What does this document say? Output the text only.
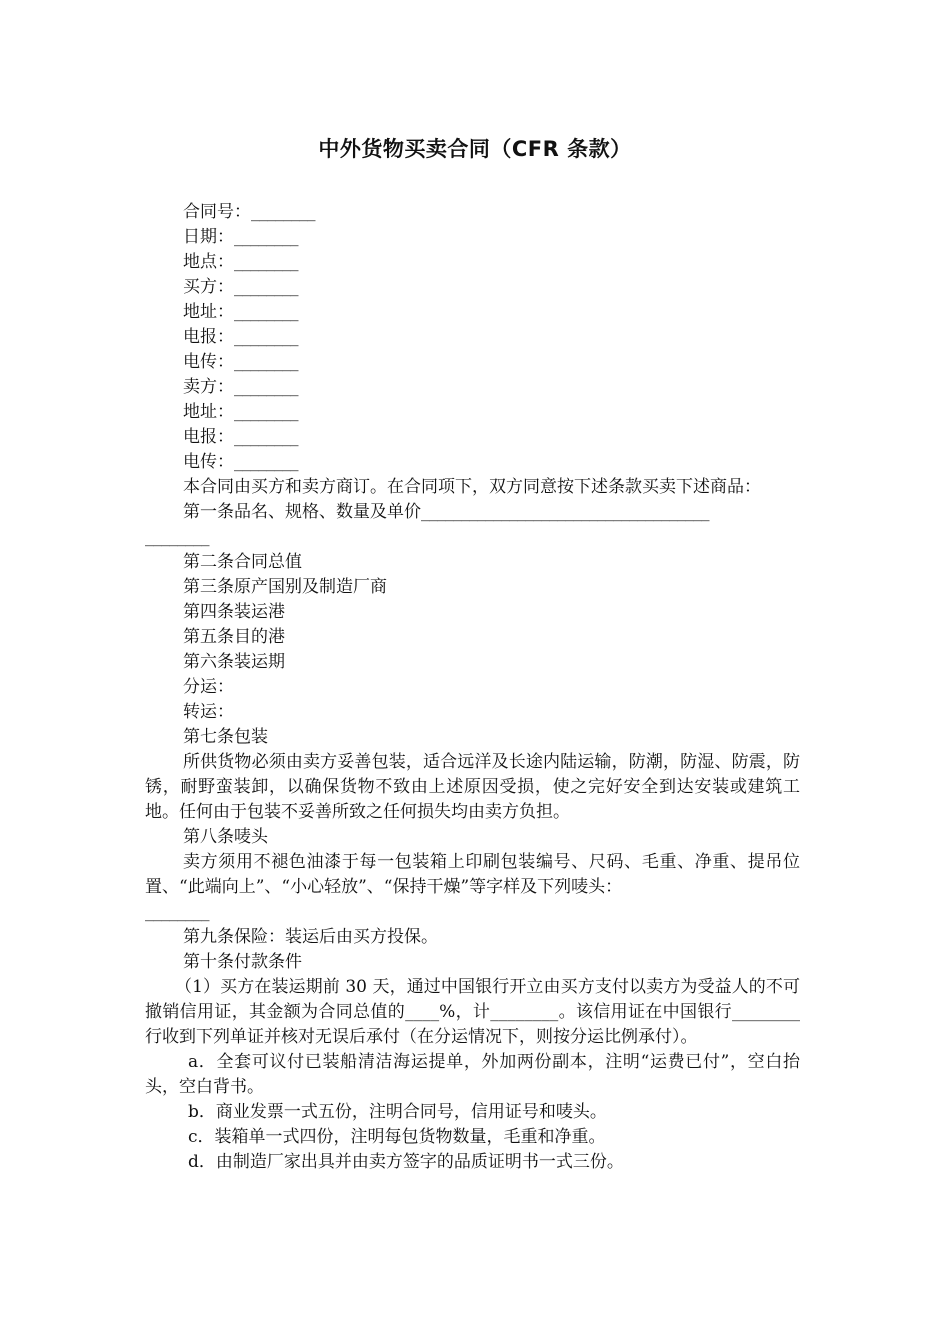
中外货物买卖合同（CFR 条款）
合同号：________
日期：________
地点：________
买方：________
地址：________
电报：________
电传：________
卖方：________
地址：________
电报：________
电传：________
本合同由买方和卖方商订。在合同项下，双方同意按下述条款买卖下述商品：
第一条品名、规格、数量及单价____________________________________
________
第二条合同总值
第三条原产国别及制造厂商
第四条装运港
第五条目的港
第六条装运期
分运：
转运：
第七条包装
所供货物必须由卖方妥善包装，适合远洋及长途内陆运输，防潮，防湿、防震，防锈，耐野蛮装卸，以确保货物不致由上述原因受损，使之完好安全到达安装或建筑工地。任何由于包装不妥善所致之任何损失均由卖方负担。
第八条唛头
卖方须用不褪色油漆于每一包装箱上印刷包装编号、尺码、毛重、净重、提吊位置、“此端向上”、“小心轻放”、“保持干燥”等字样及下列唛头：
________
第九条保险：装运后由买方投保。
第十条付款条件
（1）买方在装运期前 30 天，通过中国银行开立由买方支付以卖方为受益人的不可撤销信用证，其金额为合同总值的____%，计________。该信用证在中国银行________行收到下列单证并核对无误后承付（在分运情况下，则按分运比例承付）。
a．全套可议付已装船清洁海运提单，外加两份副本，注明“运费已付”，空白抬头，空白背书。
b．商业发票一式五份，注明合同号，信用证号和唛头。
c．装箱单一式四份，注明每包货物数量，毛重和净重。
d．由制造厂家出具并由卖方签字的品质证明书一式三份。
